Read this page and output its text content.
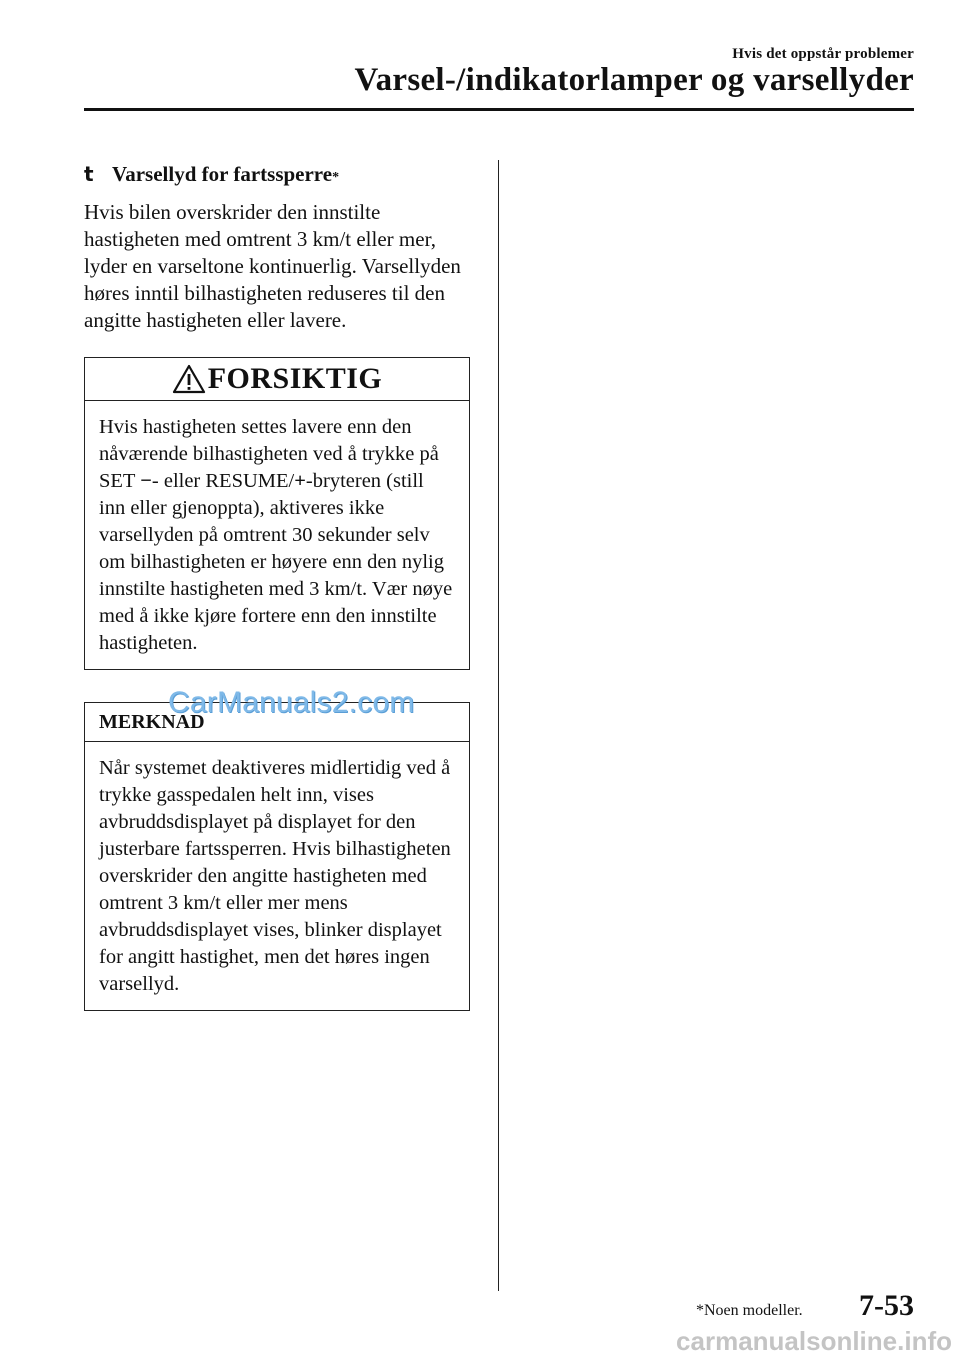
Hvis det oppstår problemer
Varsel-/indikatorlamper og varsellyder
t Varsellyd for fartssperre *

Hvis bilen overskrider den innstilte hastigheten med omtrent 3 km/t eller mer, lyder en varseltone kontinuerlig. Varsellyden høres inntil bilhastigheten reduseres til den angitte hastigheten eller lavere.

FORSIKTIG

Hvis hastigheten settes lavere enn den nåværende bilhastigheten ved å trykke på SET −- eller RESUME/+-bryteren (still inn eller gjenoppta), aktiveres ikke varsellyden på omtrent 30 sekunder selv om bilhastigheten er høyere enn den nylig innstilte hastigheten med 3 km/t. Vær nøye med å ikke kjøre fortere enn den innstilte hastigheten.

MERKNAD

Når systemet deaktiveres midlertidig ved å trykke gasspedalen helt inn, vises avbruddsdisplayet på displayet for den justerbare fartssperren. Hvis bilhastigheten overskrider den angitte hastigheten med omtrent 3 km/t eller mer mens avbruddsdisplayet vises, blinker displayet for angitt hastighet, men det høres ingen varsellyd.

CarManuals2.com
*Noen modeller. 7-53
carmanualsonline.info
